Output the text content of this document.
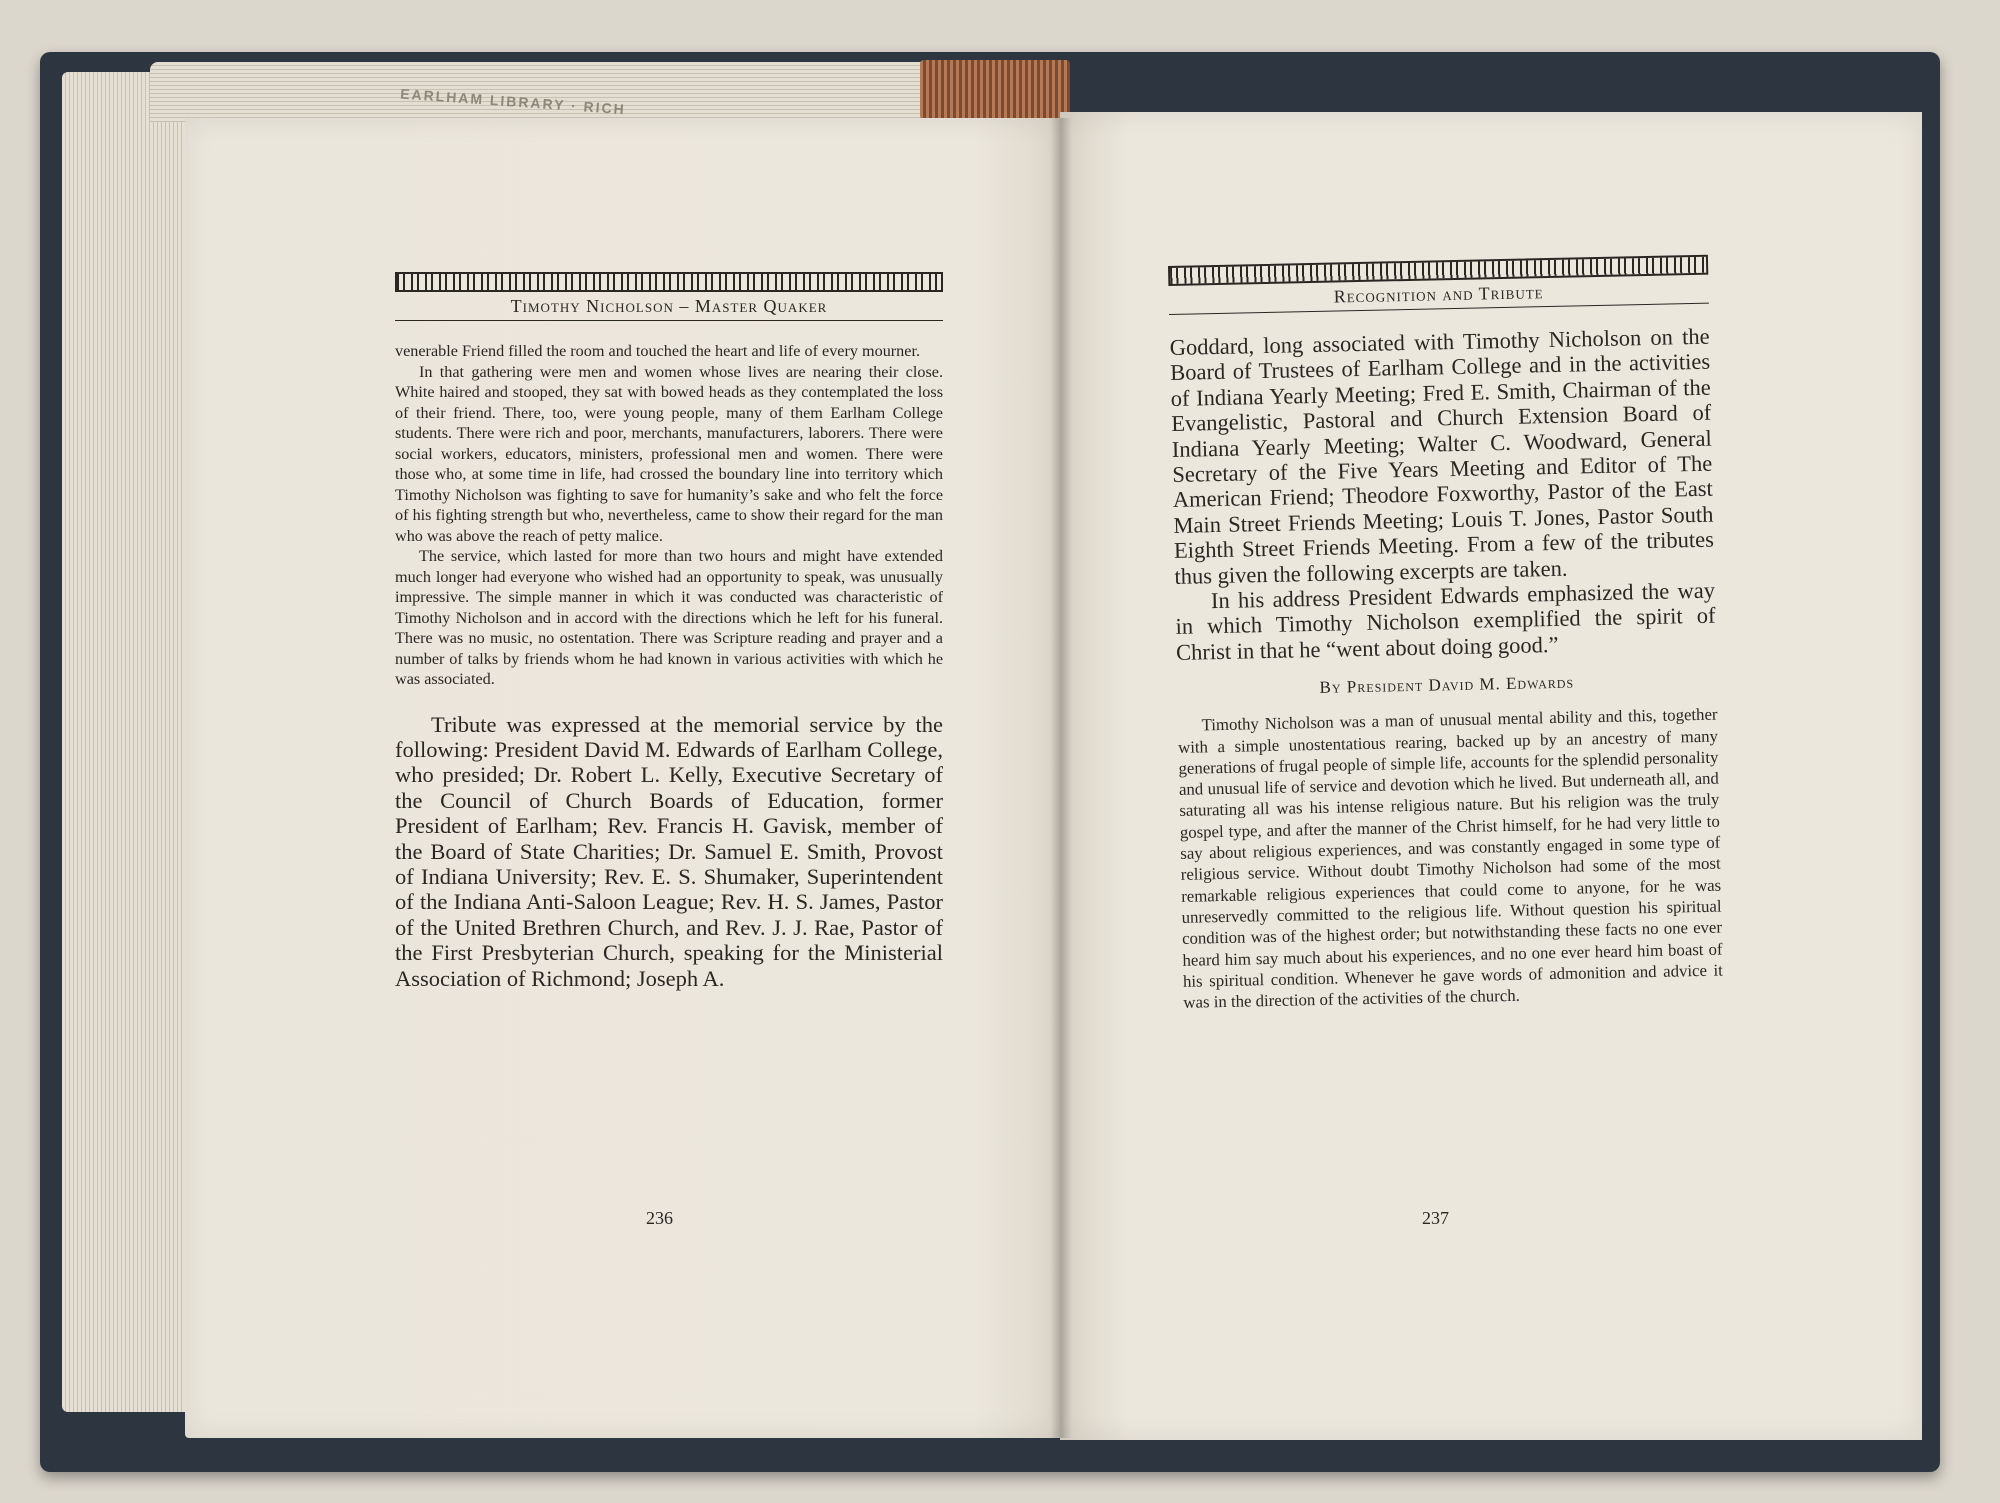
EARLHAM LIBRARY · RICH
Timothy Nicholson – Master Quaker

venerable Friend filled the room and touched the heart and life of every mourner.

In that gathering were men and women whose lives are nearing their close. White haired and stooped, they sat with bowed heads as they contemplated the loss of their friend. There, too, were young people, many of them Earlham College students. There were rich and poor, merchants, manufacturers, laborers. There were social workers, educators, ministers, professional men and women. There were those who, at some time in life, had crossed the boundary line into territory which Timothy Nicholson was fighting to save for humanity’s sake and who felt the force of his fighting strength but who, nevertheless, came to show their regard for the man who was above the reach of petty malice.

The service, which lasted for more than two hours and might have extended much longer had everyone who wished had an opportunity to speak, was unusually impressive. The simple manner in which it was conducted was characteristic of Timothy Nicholson and in accord with the directions which he left for his funeral. There was no music, no ostentation. There was Scripture reading and prayer and a number of talks by friends whom he had known in various activities with which he was associated.

Tribute was expressed at the memorial service by the following: President David M. Edwards of Earlham College, who presided; Dr. Robert L. Kelly, Executive Secretary of the Council of Church Boards of Education, former President of Earlham; Rev. Francis H. Gavisk, member of the Board of State Charities; Dr. Samuel E. Smith, Provost of Indiana University; Rev. E. S. Shumaker, Superintendent of the Indiana Anti-Saloon League; Rev. H. S. James, Pastor of the United Brethren Church, and Rev. J. J. Rae, Pastor of the First Presbyterian Church, speaking for the Ministerial Association of Richmond; Joseph A.

236
Recognition and Tribute

Goddard, long associated with Timothy Nicholson on the Board of Trustees of Earlham College and in the activities of Indiana Yearly Meeting; Fred E. Smith, Chairman of the Evangelistic, Pastoral and Church Extension Board of Indiana Yearly Meeting; Walter C. Woodward, General Secretary of the Five Years Meeting and Editor of The American Friend; Theodore Foxworthy, Pastor of the East Main Street Friends Meeting; Louis T. Jones, Pastor South Eighth Street Friends Meeting. From a few of the tributes thus given the following excerpts are taken.

In his address President Edwards emphasized the way in which Timothy Nicholson exemplified the spirit of Christ in that he “went about doing good.”

By President David M. Edwards

Timothy Nicholson was a man of unusual mental ability and this, together with a simple unostentatious rearing, backed up by an ancestry of many generations of frugal people of simple life, accounts for the splendid personality and unusual life of service and devotion which he lived. But underneath all, and saturating all was his intense religious nature. But his religion was the truly gospel type, and after the manner of the Christ himself, for he had very little to say about religious experiences, and was constantly engaged in some type of religious service. Without doubt Timothy Nicholson had some of the most remarkable religious experiences that could come to anyone, for he was unreservedly committed to the religious life. Without question his spiritual condition was of the highest order; but notwithstanding these facts no one ever heard him say much about his experiences, and no one ever heard him boast of his spiritual condition. Whenever he gave words of admonition and advice it was in the direction of the activities of the church.

237
